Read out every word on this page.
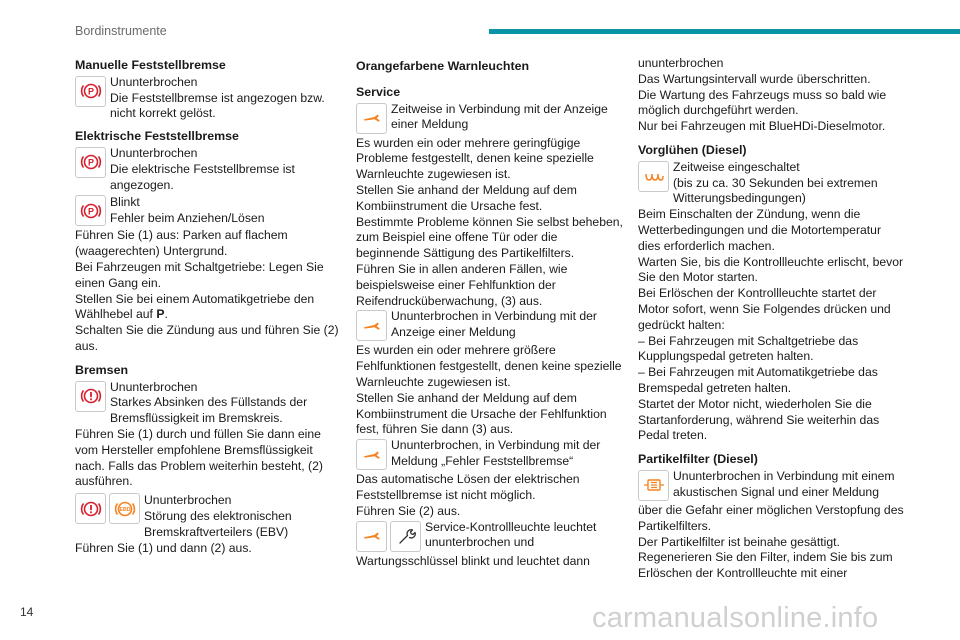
Bordinstrumente
Manuelle Feststellbremse
P
Ununterbrochen
Die Feststellbremse ist angezogen bzw. nicht korrekt gelöst.
Elektrische Feststellbremse
P
Ununterbrochen
Die elektrische Feststellbremse ist angezogen.
P
Blinkt
Fehler beim Anziehen/Lösen
Führen Sie (1) aus: Parken auf flachem (waagerechten) Untergrund.
Bei Fahrzeugen mit Schaltgetriebe: Legen Sie einen Gang ein.
Stellen Sie bei einem Automatikgetriebe den Wählhebel auf P.
Schalten Sie die Zündung aus und führen Sie (2) aus.
Bremsen
Ununterbrochen
Starkes Absinken des Füllstands der Bremsflüssigkeit im Bremskreis.
Führen Sie (1) durch und füllen Sie dann eine vom Hersteller empfohlene Bremsflüssigkeit nach. Falls das Problem weiterhin besteht, (2) ausführen.
EBD
Ununterbrochen
Störung des elektronischen Bremskraftverteilers (EBV)
Führen Sie (1) und dann (2) aus.
Orangefarbene Warnleuchten
Service
Zeitweise in Verbindung mit der Anzeige einer Meldung
Es wurden ein oder mehrere geringfügige Probleme festgestellt, denen keine spezielle Warnleuchte zugewiesen ist.
Stellen Sie anhand der Meldung auf dem Kombiinstrument die Ursache fest.
Bestimmte Probleme können Sie selbst beheben, zum Beispiel eine offene Tür oder die beginnende Sättigung des Partikelfilters.
Führen Sie in allen anderen Fällen, wie beispielsweise einer Fehlfunktion der Reifendrucküberwachung, (3) aus.
Ununterbrochen in Verbindung mit der Anzeige einer Meldung
Es wurden ein oder mehrere größere Fehlfunktionen festgestellt, denen keine spezielle Warnleuchte zugewiesen ist.
Stellen Sie anhand der Meldung auf dem Kombiinstrument die Ursache der Fehlfunktion fest, führen Sie dann (3) aus.
Ununterbrochen, in Verbindung mit der Meldung „Fehler Feststellbremse“
Das automatische Lösen der elektrischen Feststellbremse ist nicht möglich.
Führen Sie (2) aus.
Service-Kontrollleuchte leuchtet ununterbrochen und
Wartungsschlüssel blinkt und leuchtet dann
ununterbrochen
Das Wartungsintervall wurde überschritten.
Die Wartung des Fahrzeugs muss so bald wie möglich durchgeführt werden.
Nur bei Fahrzeugen mit BlueHDi-Dieselmotor.
Vorglühen (Diesel)
Zeitweise eingeschaltet
(bis zu ca. 30 Sekunden bei extremen Witterungsbedingungen)
Beim Einschalten der Zündung, wenn die Wetterbedingungen und die Motortemperatur dies erforderlich machen.
Warten Sie, bis die Kontrollleuchte erlischt, bevor Sie den Motor starten.
Bei Erlöschen der Kontrollleuchte startet der Motor sofort, wenn Sie Folgendes drücken und gedrückt halten:
– Bei Fahrzeugen mit Schaltgetriebe das Kupplungspedal getreten halten.
– Bei Fahrzeugen mit Automatikgetriebe das Bremspedal getreten halten.
Startet der Motor nicht, wiederholen Sie die Startanforderung, während Sie weiterhin das Pedal treten.
Partikelfilter (Diesel)
Ununterbrochen in Verbindung mit einem akustischen Signal und einer Meldung
über die Gefahr einer möglichen Verstopfung des Partikelfilters.
Der Partikelfilter ist beinahe gesättigt.
Regenerieren Sie den Filter, indem Sie bis zum Erlöschen der Kontrollleuchte mit einer
14	carmanualsonline.info
